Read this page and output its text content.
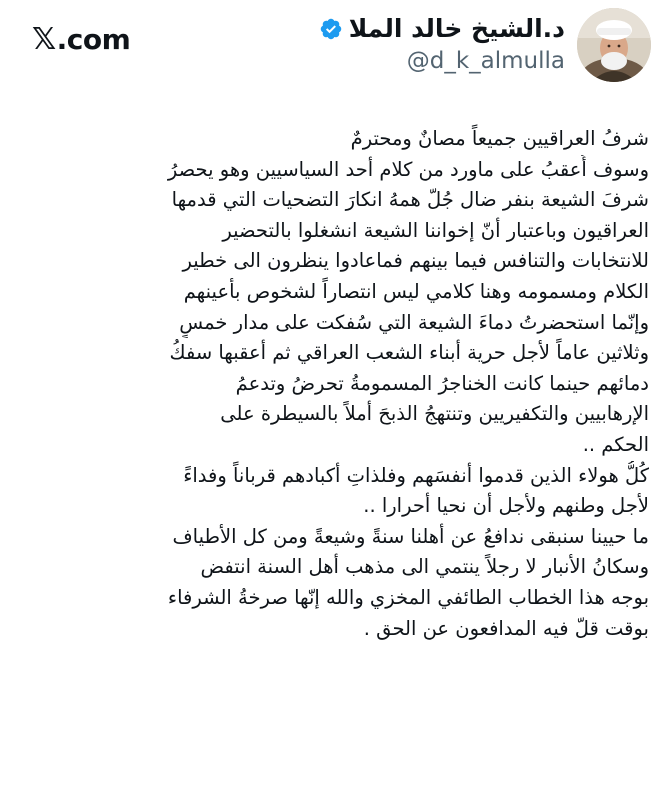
𝕏 .com	د.الشيخ خالد الملا
@d_k_almulla
شرفُ العراقيين جميعاً مصانٌ ومحترمٌ
وسوف أُعقبُ على ماورد من كلام أحد السياسيين وهو يحصرُ
شرفَ الشيعة بنفر ضال جُلّ همهُ انكارَ التضحيات التي قدمها
العراقيون وباعتبار أنّ إخواننا الشيعة انشغلوا بالتحضير
للانتخابات والتنافس فيما بينهم فماعادوا ينظرون الى خطير
الكلام ومسمومه وهنا كلامي ليس انتصاراً لشخوص بأعينهم
وإنّما استحضرتُ دماءَ الشيعة التي سُفكت على مدار خمسٍ
وثلاثين عاماً لأجل حرية أبناء الشعب العراقي ثم أعقبها سفكُ
دمائهم حينما كانت الخناجرُ المسمومةُ تحرضُ وتدعمُ
الإرهابيين والتكفيريين وتنتهجُ الذبحَ أملاً بالسيطرة على
الحكم ..
كُلُّ هولاء الذين قدموا أنفسَهم وفلذاتِ أكبادهم قرباناً وفداءً
لأجل وطنهم ولأجل أن نحيا أحرارا ..
ما حيينا سنبقى ندافعُ عن أهلنا سنةً وشيعةً ومن كل الأطياف
وسكانُ الأنبار لا رجلاً ينتمي الى مذهب أهل السنة انتفض
بوجه هذا الخطاب الطائفي المخزي والله إنّها صرخةُ الشرفاء
بوقت قلّ فيه المدافعون عن الحق .
